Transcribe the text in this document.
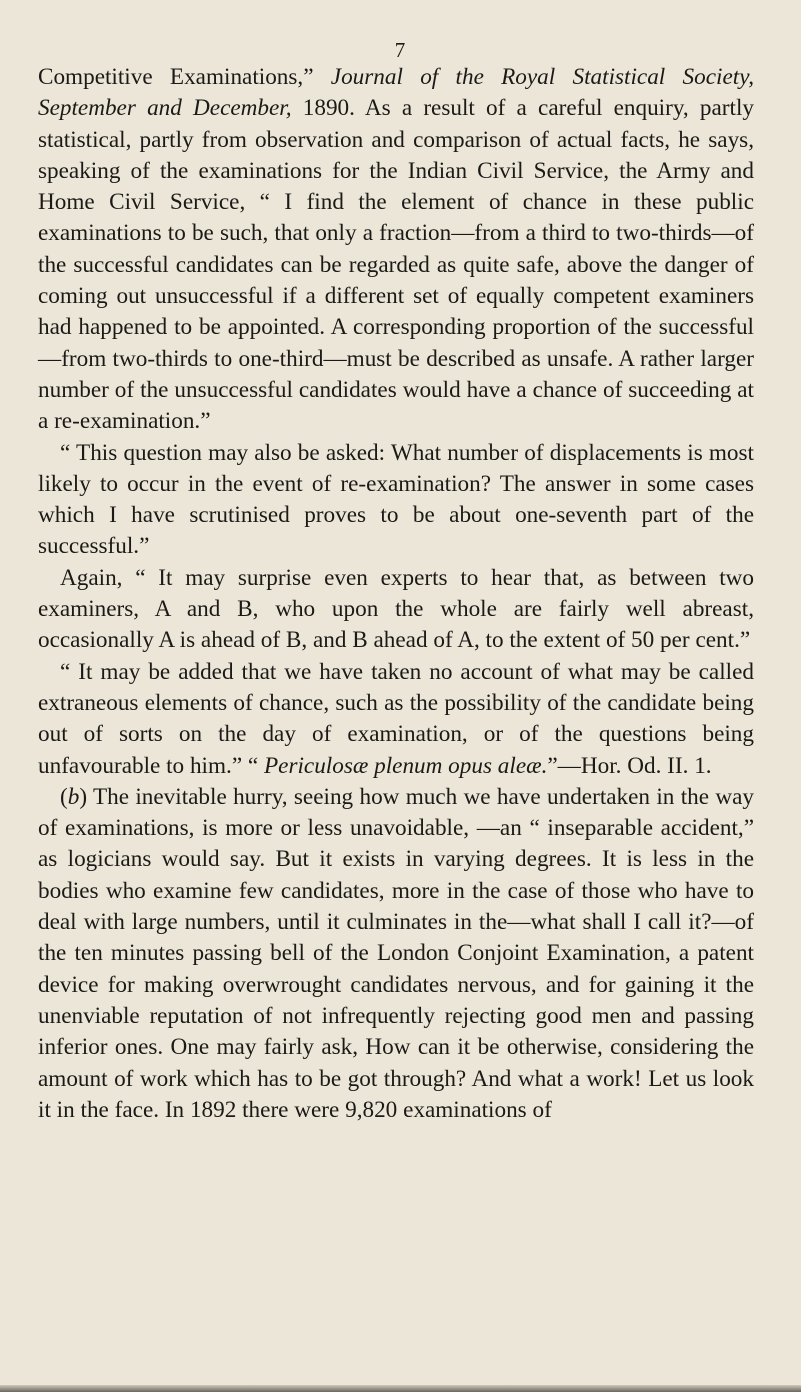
7

Competitive Examinations,” Journal of the Royal Statistical Society, September and December, 1890. As a result of a careful enquiry, partly statistical, partly from observation and comparison of actual facts, he says, speaking of the examinations for the Indian Civil Service, the Army and Home Civil Service, “ I find the element of chance in these public examinations to be such, that only a fraction—from a third to two-thirds—of the successful candidates can be regarded as quite safe, above the danger of coming out unsuccessful if a different set of equally competent examiners had happened to be appointed. A corresponding proportion of the successful—from two-thirds to one-third—must be described as unsafe. A rather larger number of the unsuccessful candidates would have a chance of succeeding at a re-examination.”

“ This question may also be asked: What number of displacements is most likely to occur in the event of re-examination? The answer in some cases which I have scrutinised proves to be about one-seventh part of the successful.”

Again, “ It may surprise even experts to hear that, as between two examiners, A and B, who upon the whole are fairly well abreast, occasionally A is ahead of B, and B ahead of A, to the extent of 50 per cent.”

“ It may be added that we have taken no account of what may be called extraneous elements of chance, such as the possibility of the candidate being out of sorts on the day of examination, or of the questions being unfavourable to him.” “ Periculosæ plenum opus aleæ.”—Hor. Od. II. 1.

(b) The inevitable hurry, seeing how much we have undertaken in the way of examinations, is more or less unavoidable, —an “ inseparable accident,” as logicians would say. But it exists in varying degrees. It is less in the bodies who examine few candidates, more in the case of those who have to deal with large numbers, until it culminates in the—what shall I call it?—of the ten minutes passing bell of the London Conjoint Examination, a patent device for making overwrought candidates nervous, and for gaining it the unenviable reputation of not infrequently rejecting good men and passing inferior ones. One may fairly ask, How can it be otherwise, considering the amount of work which has to be got through? And what a work! Let us look it in the face. In 1892 there were 9,820 examinations of
